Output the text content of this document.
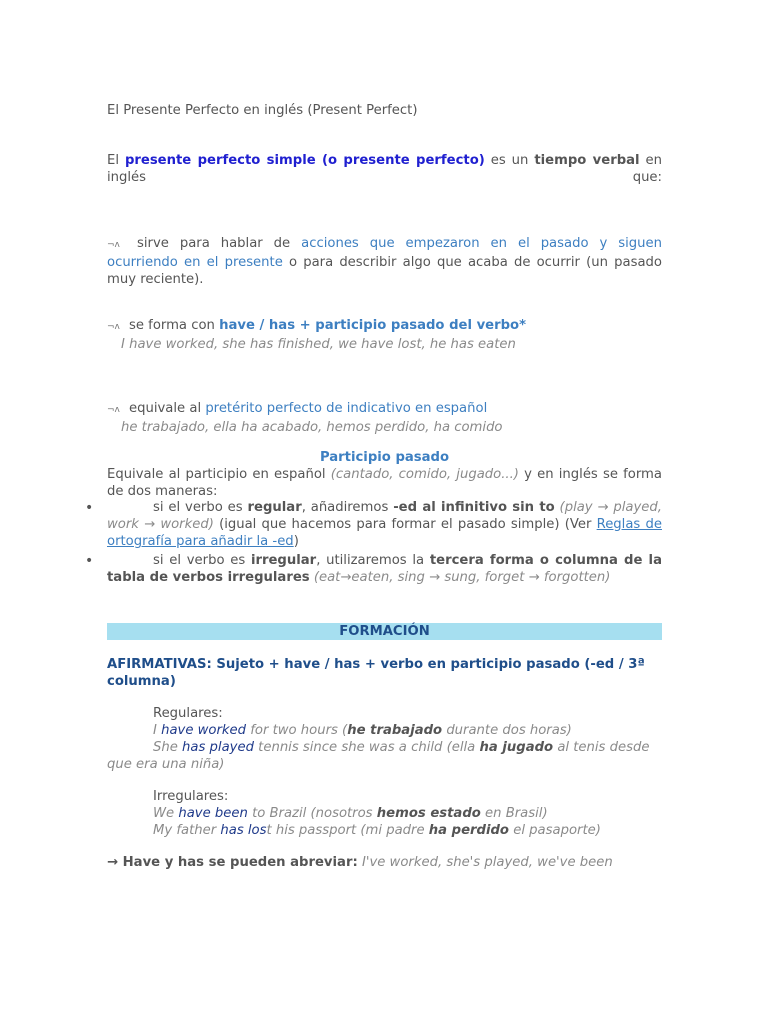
El Presente Perfecto en inglés (Present Perfect)
El presente perfecto simple (o presente perfecto) es un tiempo verbal en inglés que:
¬ʌ sirve para hablar de acciones que empezaron en el pasado y siguen ocurriendo en el presente o para describir algo que acaba de ocurrir (un pasado muy reciente).
¬ʌ se forma con have / has + participio pasado del verbo*
I have worked, she has finished, we have lost, he has eaten
¬ʌ equivale al pretérito perfecto de indicativo en español
he trabajado, ella ha acabado, hemos perdido, ha comido
Participio pasado
Equivale al participio en español (cantado, comido, jugado...) y en inglés se forma de dos maneras:
•	si el verbo es regular, añadiremos -ed al infinitivo sin to (play → played, work → worked) (igual que hacemos para formar el pasado simple) (Ver Reglas de ortografía para añadir la -ed)
•	si el verbo es irregular, utilizaremos la tercera forma o columna de la tabla de verbos irregulares (eat→eaten, sing → sung, forget → forgotten)
FORMACIÓN
AFIRMATIVAS: Sujeto + have / has + verbo en participio pasado (-ed / 3ª columna)
Regulares:
I have worked for two hours (he trabajado durante dos horas)
She has played tennis since she was a child (ella ha jugado al tenis desde que era una niña)
Irregulares:
We have been to Brazil (nosotros hemos estado en Brasil)
My father has lost his passport (mi padre ha perdido el pasaporte)
→ Have y has se pueden abreviar: I've worked, she's played, we've been
